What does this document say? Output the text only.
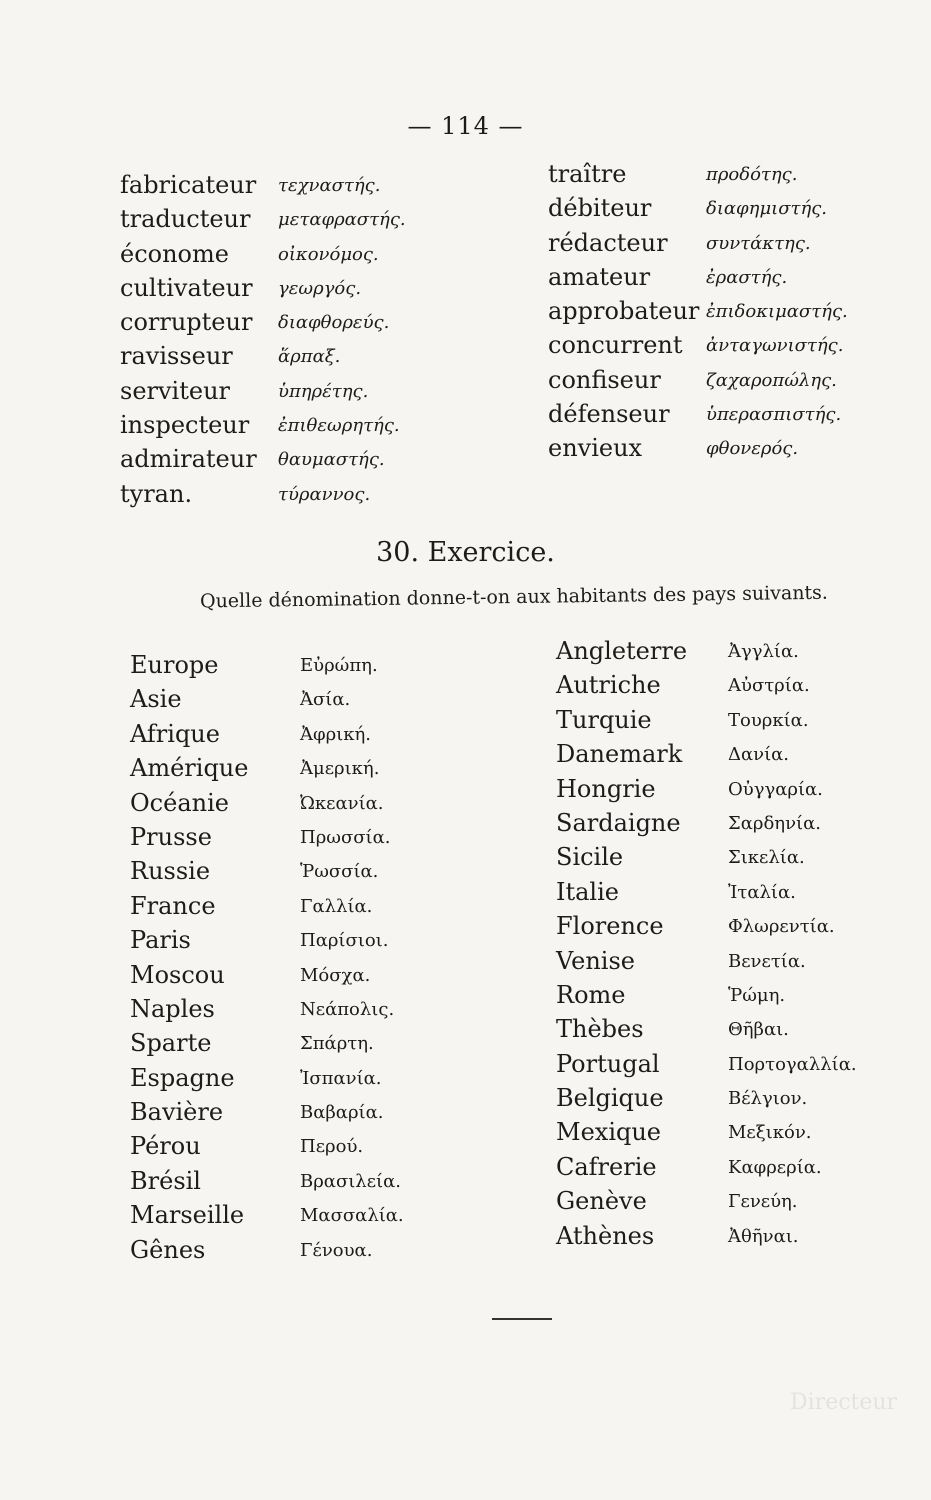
Directeur
— 114 —
fabricateur τεχναστής.
traducteur μεταφραστής.
économe	οἰκονόμος.
cultivateur γεωργός.
corrupteur διαφθορεύς.
ravisseur	ἅρπαξ.
serviteur	ὑπηρέτης.
inspecteur ἐπιθεωρητής.
admirateur θαυμαστής.
tyran.	τύραννος.
traître	προδότης.
débiteur	διαφημιστής.
rédacteur συντάκτης.
amateur	ἐραστής.
approbateur ἐπιδοκιμαστής.
concurrent ἀνταγωνιστής.
confiseur	ζαχαροπώλης.
défenseur ὑπερασπιστής.
envieux	φθονερός.
30. Exercice.
Quelle dénomination donne-t-on aux habitants des pays suivants.
Europe	Εὐρώπη.
Asie	Ἀσία.
Afrique	Ἀφρική.
Amérique	Ἀμερική.
Océanie	Ὠκεανία.
Prusse	Πρωσσία.
Russie	Ῥωσσία.
France	Γαλλία.
Paris	Παρίσιοι.
Moscou	Μόσχα.
Naples	Νεάπολις.
Sparte	Σπάρτη.
Espagne	Ἰσπανία.
Bavière	Βαβαρία.
Pérou	Περού.
Brésil	Βρασιλεία.
Marseille	Μασσαλία.
Gênes	Γένουα.
Angleterre Ἀγγλία.
Autriche	Αὐστρία.
Turquie	Τουρκία.
Danemark	Δανία.
Hongrie	Οὐγγαρία.
Sardaigne	Σαρδηνία.
Sicile	Σικελία.
Italie	Ἰταλία.
Florence	Φλωρεντία.
Venise	Βενετία.
Rome	Ῥώμη.
Thèbes	Θῆβαι.
Portugal	Πορτογαλλία.
Belgique	Βέλγιον.
Mexique	Μεξικόν.
Cafrerie	Καφρερία.
Genève	Γενεύη.
Athènes	Ἀθῆναι.
